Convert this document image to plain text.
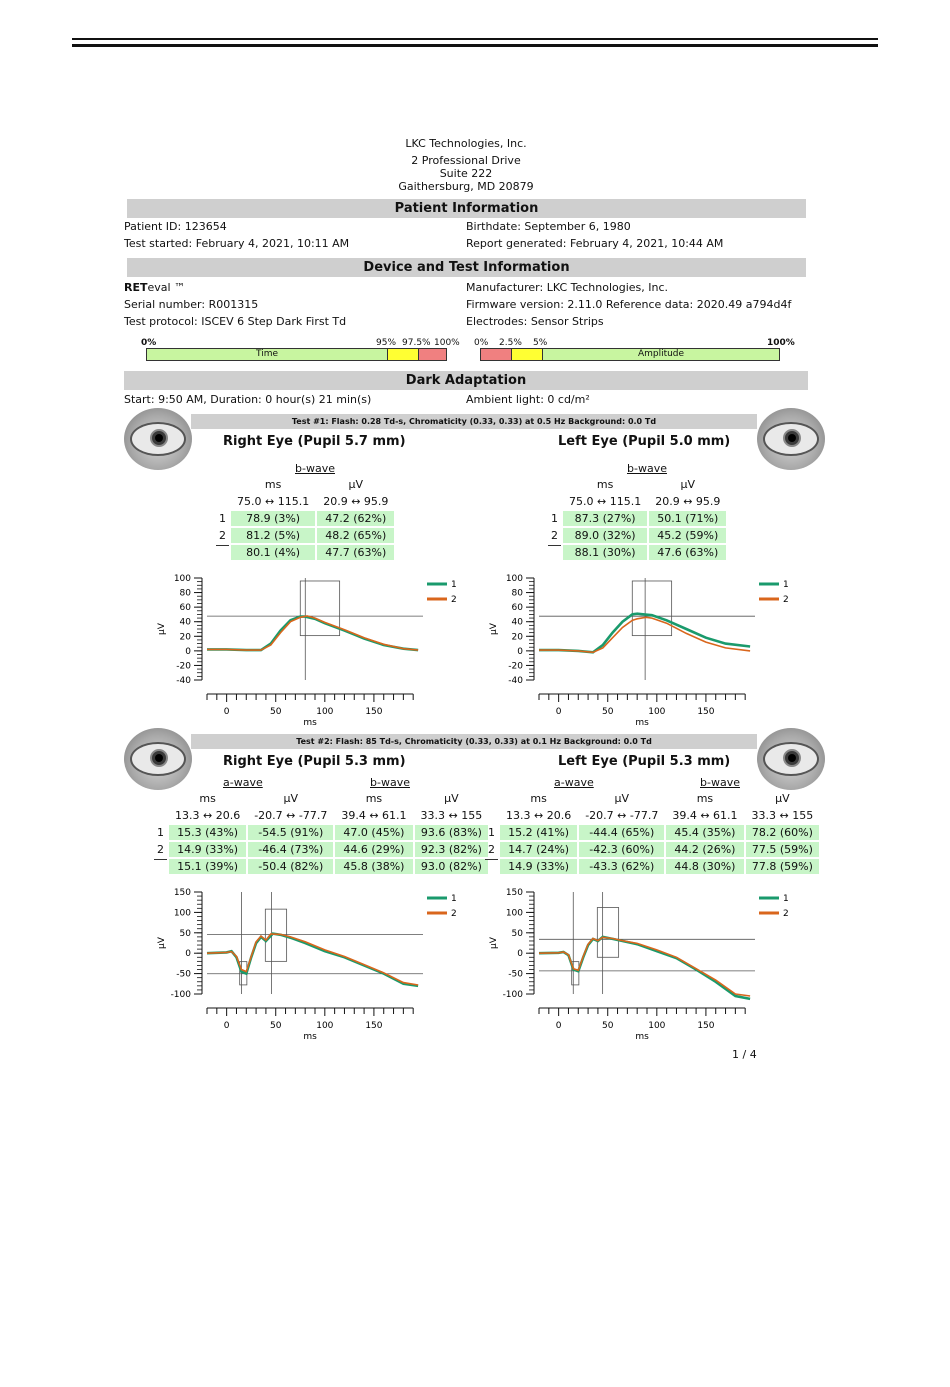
LKC Technologies, Inc.
2 Professional Drive
Suite 222
Gaithersburg, MD 20879
Patient Information
Patient ID: 123654	Birthdate: September 6, 1980
Test started: February 4, 2021, 10:11 AM	Report generated: February 4, 2021, 10:44 AM
Device and Test Information
RETeval ™	Manufacturer: LKC Technologies, Inc.
Serial number: R001315	Firmware version: 2.11.0 Reference data: 2020.49 a794d4f
Test protocol: ISCEV 6 Step Dark First Td	Electrodes: Sensor Strips
0%	95% 97.5% 100%
Time
0% 2.5% 5%	100%
Amplitude
Dark Adaptation
Start: 9:50 AM, Duration: 0 hour(s) 21 min(s)	Ambient light: 0 cd/m²
Test #1: Flash: 0.28 Td-s, Chromaticity (0.33, 0.33) at 0.5 Hz Background: 0.0 Td
Right Eye (Pupil 5.7 mm)	Left Eye (Pupil 5.0 mm)
b-wave	b-wave
	ms	μV
	75.0 ↔ 115.1	20.9 ↔ 95.9
1	78.9 (3%)	47.2 (62%)
2	81.2 (5%)	48.2 (65%)
	80.1 (4%)	47.7 (63%)
	ms	μV
	75.0 ↔ 115.1	20.9 ↔ 95.9
1	87.3 (27%)	50.1 (71%)
2	89.0 (32%)	45.2 (59%)
	88.1 (30%)	47.6 (63%)
100
80
60
40
20
0
-20
-40
μV
0	50	100	150
ms
1
2
100
80
60
40
20
0
-20
-40
μV
0	50	100	150
ms
1
2
Test #2: Flash: 85 Td-s, Chromaticity (0.33, 0.33) at 0.1 Hz Background: 0.0 Td
Right Eye (Pupil 5.3 mm)	Left Eye (Pupil 5.3 mm)
a-wave	b-wave	a-wave	b-wave
	ms	μV	ms	μV
	13.3 ↔ 20.6	-20.7 ↔ -77.7	39.4 ↔ 61.1	33.3 ↔ 155
1	15.3 (43%)	-54.5 (91%)	47.0 (45%)	93.6 (83%)
2	14.9 (33%)	-46.4 (73%)	44.6 (29%)	92.3 (82%)
	15.1 (39%)	-50.4 (82%)	45.8 (38%)	93.0 (82%)
	ms	μV	ms	μV
	13.3 ↔ 20.6	-20.7 ↔ -77.7	39.4 ↔ 61.1	33.3 ↔ 155
1	15.2 (41%)	-44.4 (65%)	45.4 (35%)	78.2 (60%)
2	14.7 (24%)	-42.3 (60%)	44.2 (26%)	77.5 (59%)
	14.9 (33%)	-43.3 (62%)	44.8 (30%)	77.8 (59%)
150
100
50
0
-50
-100
μV
0	50	100	150
ms
1
2
150
100
50
0
-50
-100
μV
0	50	100	150
ms
1
2
1 / 4
